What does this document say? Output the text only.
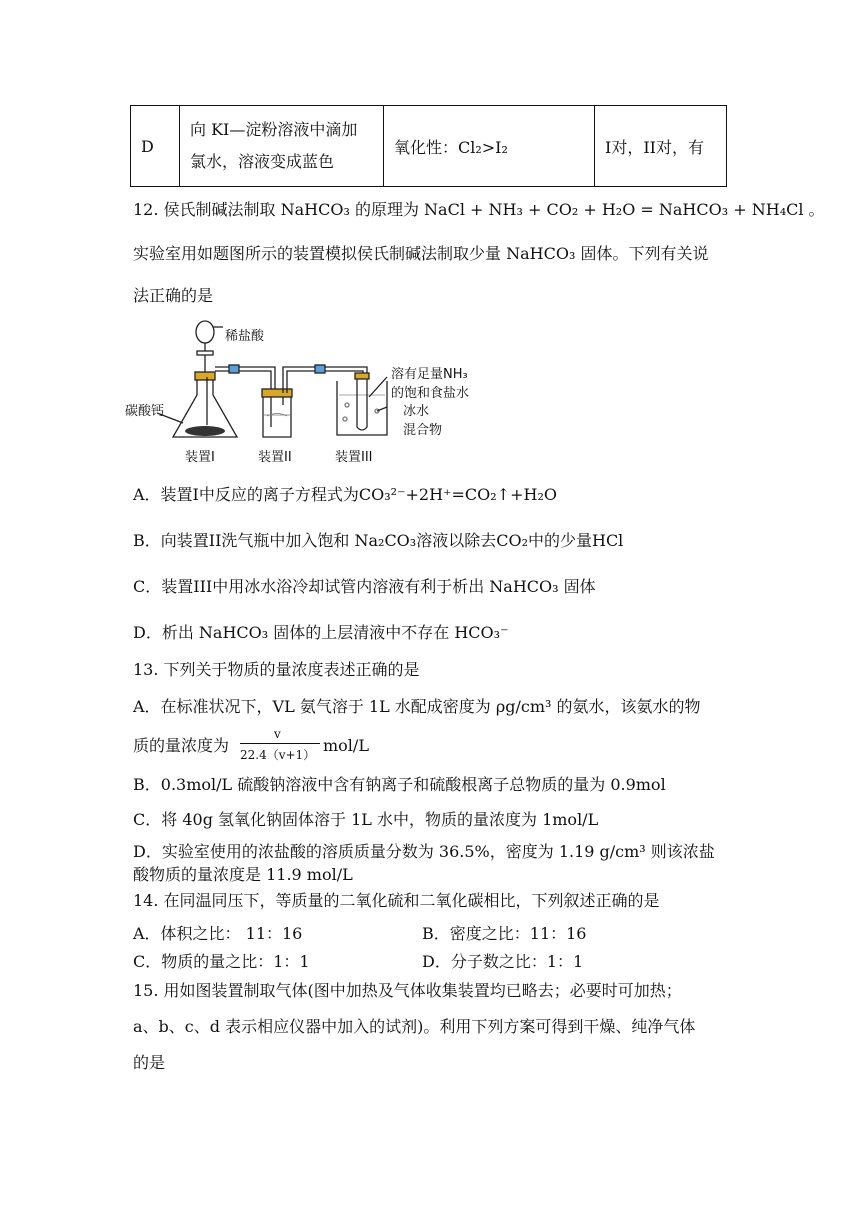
D	
向 KI—淀粉溶液中滴加
氯水，溶液变成蓝色
	氧化性：Cl₂>I₂	I对，II对，有
12. 侯氏制碱法制取 NaHCO₃ 的原理为 NaCl + NH₃ + CO₂ + H₂O = NaHCO₃ + NH₄Cl 。
实验室用如题图所示的装置模拟侯氏制碱法制取少量 NaHCO₃ 固体。下列有关说
法正确的是
稀盐酸
碳酸钙
溶有足量NH₃
的饱和食盐水
冰水
混合物
装置I	装置II	装置III
A．装置I中反应的离子方程式为CO₃²⁻+2H⁺=CO₂↑+H₂O
B．向装置II洗气瓶中加入饱和 Na₂CO₃溶液以除去CO₂中的少量HCl
C．装置III中用冰水浴冷却试管内溶液有利于析出 NaHCO₃ 固体
D．析出 NaHCO₃ 固体的上层清液中不存在 HCO₃⁻
13. 下列关于物质的量浓度表述正确的是
A．在标准状况下，VL 氨气溶于 1L 水配成密度为 ρg/cm³ 的氨水，该氨水的物
质的量浓度为
v
22.4（v+1） mol/L
B．0.3mol/L 硫酸钠溶液中含有钠离子和硫酸根离子总物质的量为 0.9mol
C．将 40g 氢氧化钠固体溶于 1L 水中，物质的量浓度为 1mol/L
D．实验室使用的浓盐酸的溶质质量分数为 36.5%，密度为 1.19 g/cm³ 则该浓盐
酸物质的量浓度是 11.9 mol/L
14. 在同温同压下，等质量的二氧化硫和二氧化碳相比，下列叙述正确的是
A．体积之比： 11：16	B．密度之比：11：16
C．物质的量之比：1：1	D．分子数之比：1：1
15. 用如图装置制取气体(图中加热及气体收集装置均已略去；必要时可加热；
a、b、c、d 表示相应仪器中加入的试剂)。利用下列方案可得到干燥、纯净气体
的是
